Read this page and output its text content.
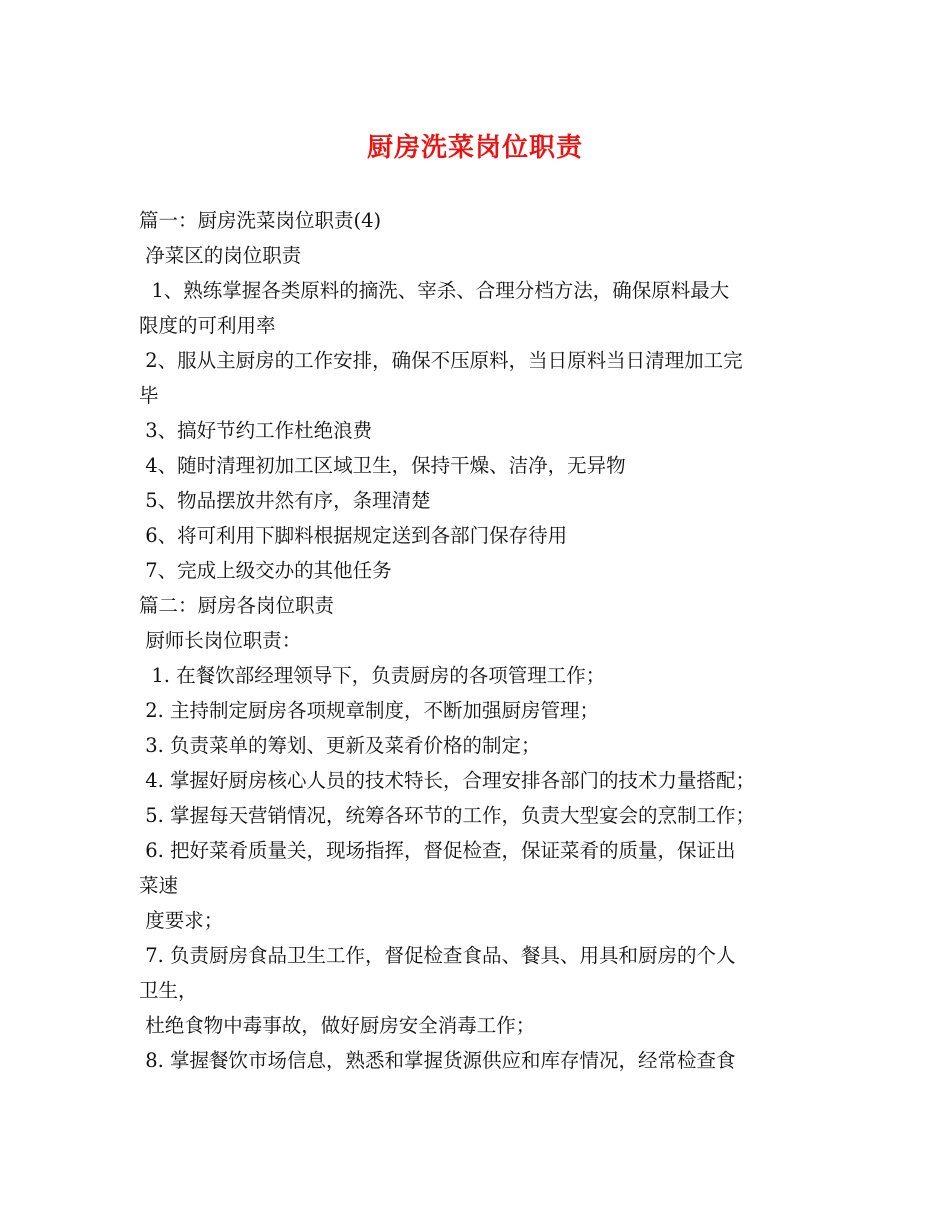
厨房洗菜岗位职责
篇一：厨房洗菜岗位职责(4)
净菜区的岗位职责
1、熟练掌握各类原料的摘洗、宰杀、合理分档方法，确保原料最大
限度的可利用率
2、服从主厨房的工作安排，确保不压原料，当日原料当日清理加工完
毕
3、搞好节约工作杜绝浪费
4、随时清理初加工区域卫生，保持干燥、洁净，无异物
5、物品摆放井然有序，条理清楚
6、将可利用下脚料根据规定送到各部门保存待用
7、完成上级交办的其他任务
篇二：厨房各岗位职责
厨师长岗位职责：
1. 在餐饮部经理领导下，负责厨房的各项管理工作；
2. 主持制定厨房各项规章制度，不断加强厨房管理；
3. 负责菜单的筹划、更新及菜肴价格的制定；
4. 掌握好厨房核心人员的技术特长，合理安排各部门的技术力量搭配；
5. 掌握每天营销情况，统筹各环节的工作，负责大型宴会的烹制工作；
6. 把好菜肴质量关，现场指挥，督促检查，保证菜肴的质量，保证出
菜速
度要求；
7. 负责厨房食品卫生工作，督促检查食品、餐具、用具和厨房的个人
卫生，
杜绝食物中毒事故，做好厨房安全消毒工作；
8. 掌握餐饮市场信息，熟悉和掌握货源供应和库存情况，经常检查食
